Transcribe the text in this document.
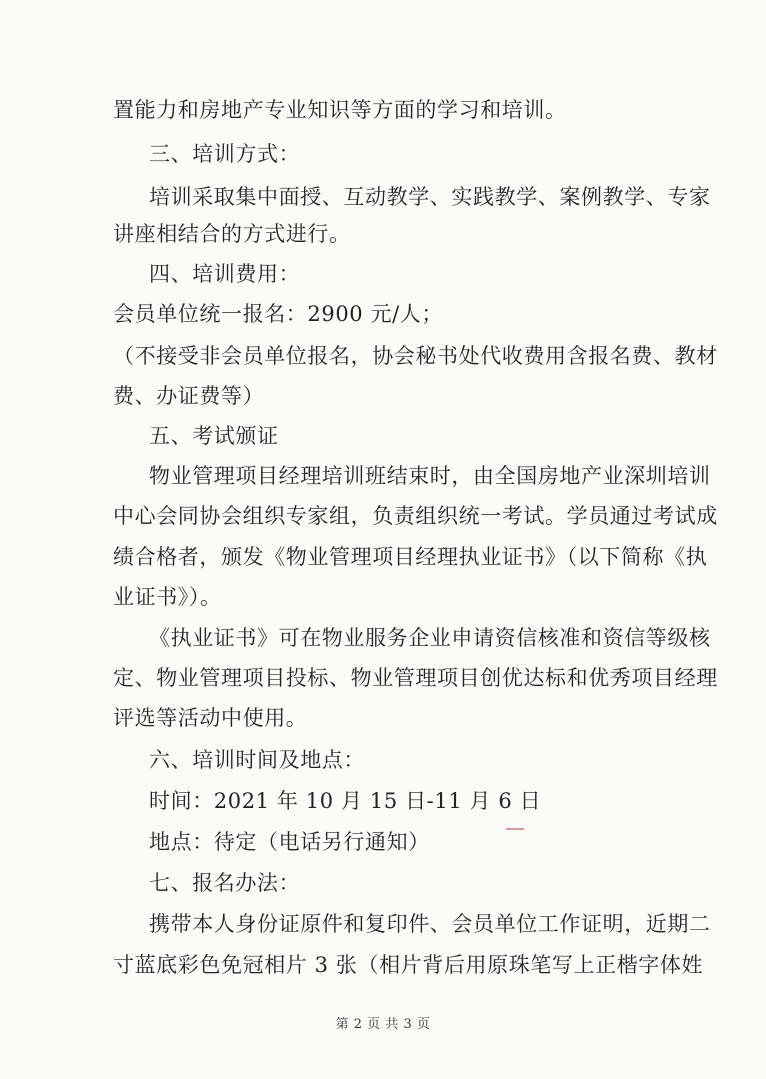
置能力和房地产专业知识等方面的学习和培训。
三、培训方式：
培训采取集中面授、互动教学、实践教学、案例教学、专家
讲座相结合的方式进行。
四、培训费用：
会员单位统一报名：2900 元/人；
（不接受非会员单位报名，协会秘书处代收费用含报名费、教材
费、办证费等）
五、考试颁证
物业管理项目经理培训班结束时，由全国房地产业深圳培训
中心会同协会组织专家组，负责组织统一考试。学员通过考试成
绩合格者，颁发《物业管理项目经理执业证书》（以下简称《执
业证书》）。
《执业证书》可在物业服务企业申请资信核准和资信等级核
定、物业管理项目投标、物业管理项目创优达标和优秀项目经理
评选等活动中使用。
六、培训时间及地点：
时间：2021 年 10 月 15 日-11 月 6 日
地点：待定（电话另行通知）
七、报名办法：
携带本人身份证原件和复印件、会员单位工作证明，近期二
寸蓝底彩色免冠相片 3 张（相片背后用原珠笔写上正楷字体姓
第 2 页 共 3 页
